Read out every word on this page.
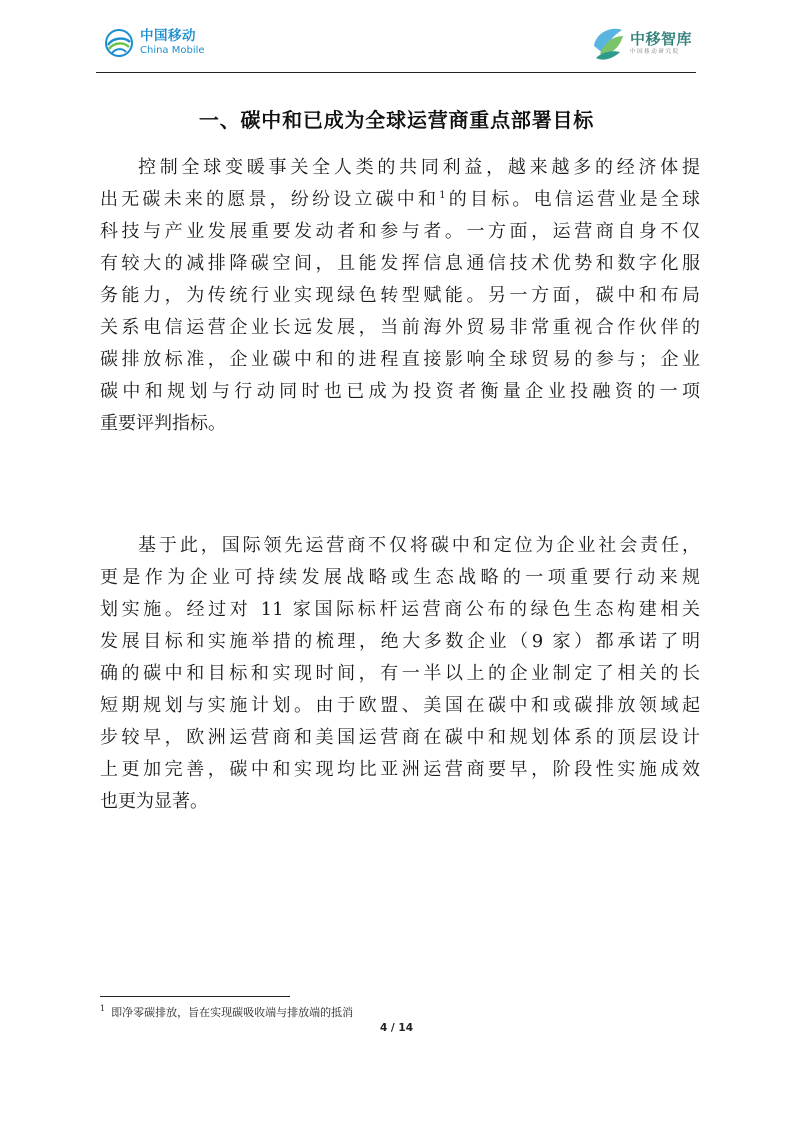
中国移动
China Mobile
中移智库
中国移动研究院
一、碳中和已成为全球运营商重点部署目标
控制全球变暖事关全人类的共同利益，越来越多的经济体提
出无碳未来的愿景，纷纷设立碳中和$^1$的目标。电信运营业是全球
科技与产业发展重要发动者和参与者。一方面，运营商自身不仅
有较大的减排降碳空间，且能发挥信息通信技术优势和数字化服
务能力，为传统行业实现绿色转型赋能。另一方面，碳中和布局
关系电信运营企业长远发展，当前海外贸易非常重视合作伙伴的
碳排放标准，企业碳中和的进程直接影响全球贸易的参与；企业
碳中和规划与行动同时也已成为投资者衡量企业投融资的一项
重要评判指标。
基于此，国际领先运营商不仅将碳中和定位为企业社会责任，
更是作为企业可持续发展战略或生态战略的一项重要行动来规
划实施。经过对 11 家国际标杆运营商公布的绿色生态构建相关
发展目标和实施举措的梳理，绝大多数企业（9 家）都承诺了明
确的碳中和目标和实现时间，有一半以上的企业制定了相关的长
短期规划与实施计划。由于欧盟、美国在碳中和或碳排放领域起
步较早，欧洲运营商和美国运营商在碳中和规划体系的顶层设计
上更加完善，碳中和实现均比亚洲运营商要早，阶段性实施成效
也更为显著。
$^1$ 即净零碳排放，旨在实现碳吸收端与排放端的抵消
4 / 14
